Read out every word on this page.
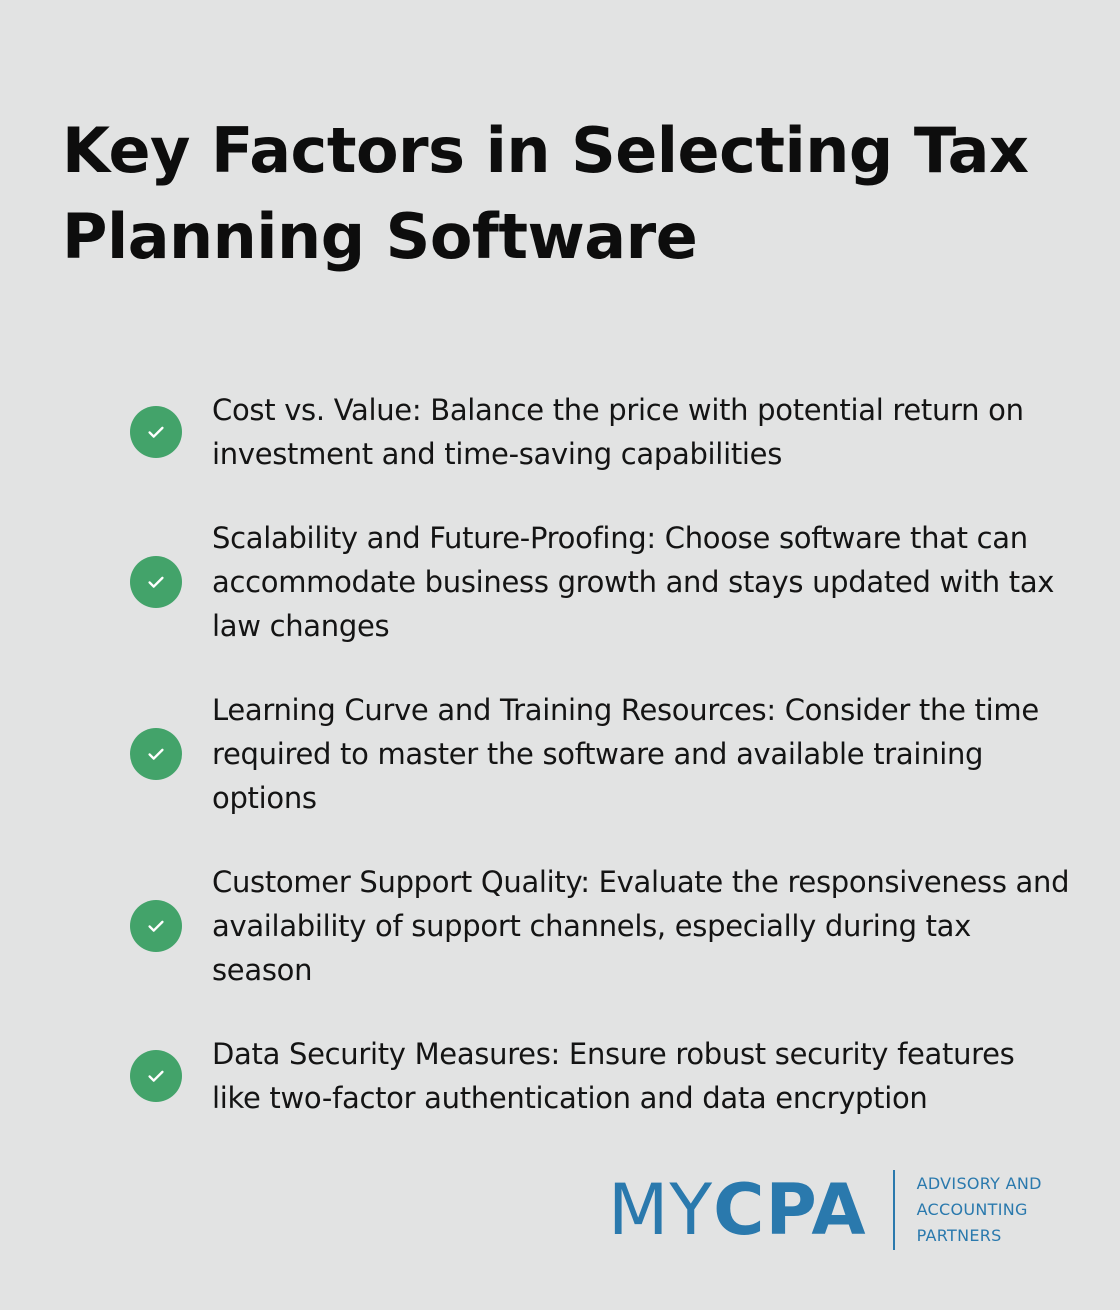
Key Factors in Selecting Tax Planning Software
Cost vs. Value: Balance the price with potential return on investment and time-saving capabilities
Scalability and Future-Proofing: Choose software that can accommodate business growth and stays updated with tax law changes
Learning Curve and Training Resources: Consider the time required to master the software and available training options
Customer Support Quality: Evaluate the responsiveness and availability of support channels, especially during tax season
Data Security Measures: Ensure robust security features like two-factor authentication and data encryption
MYCPA	ADVISORY AND
ACCOUNTING
PARTNERS
